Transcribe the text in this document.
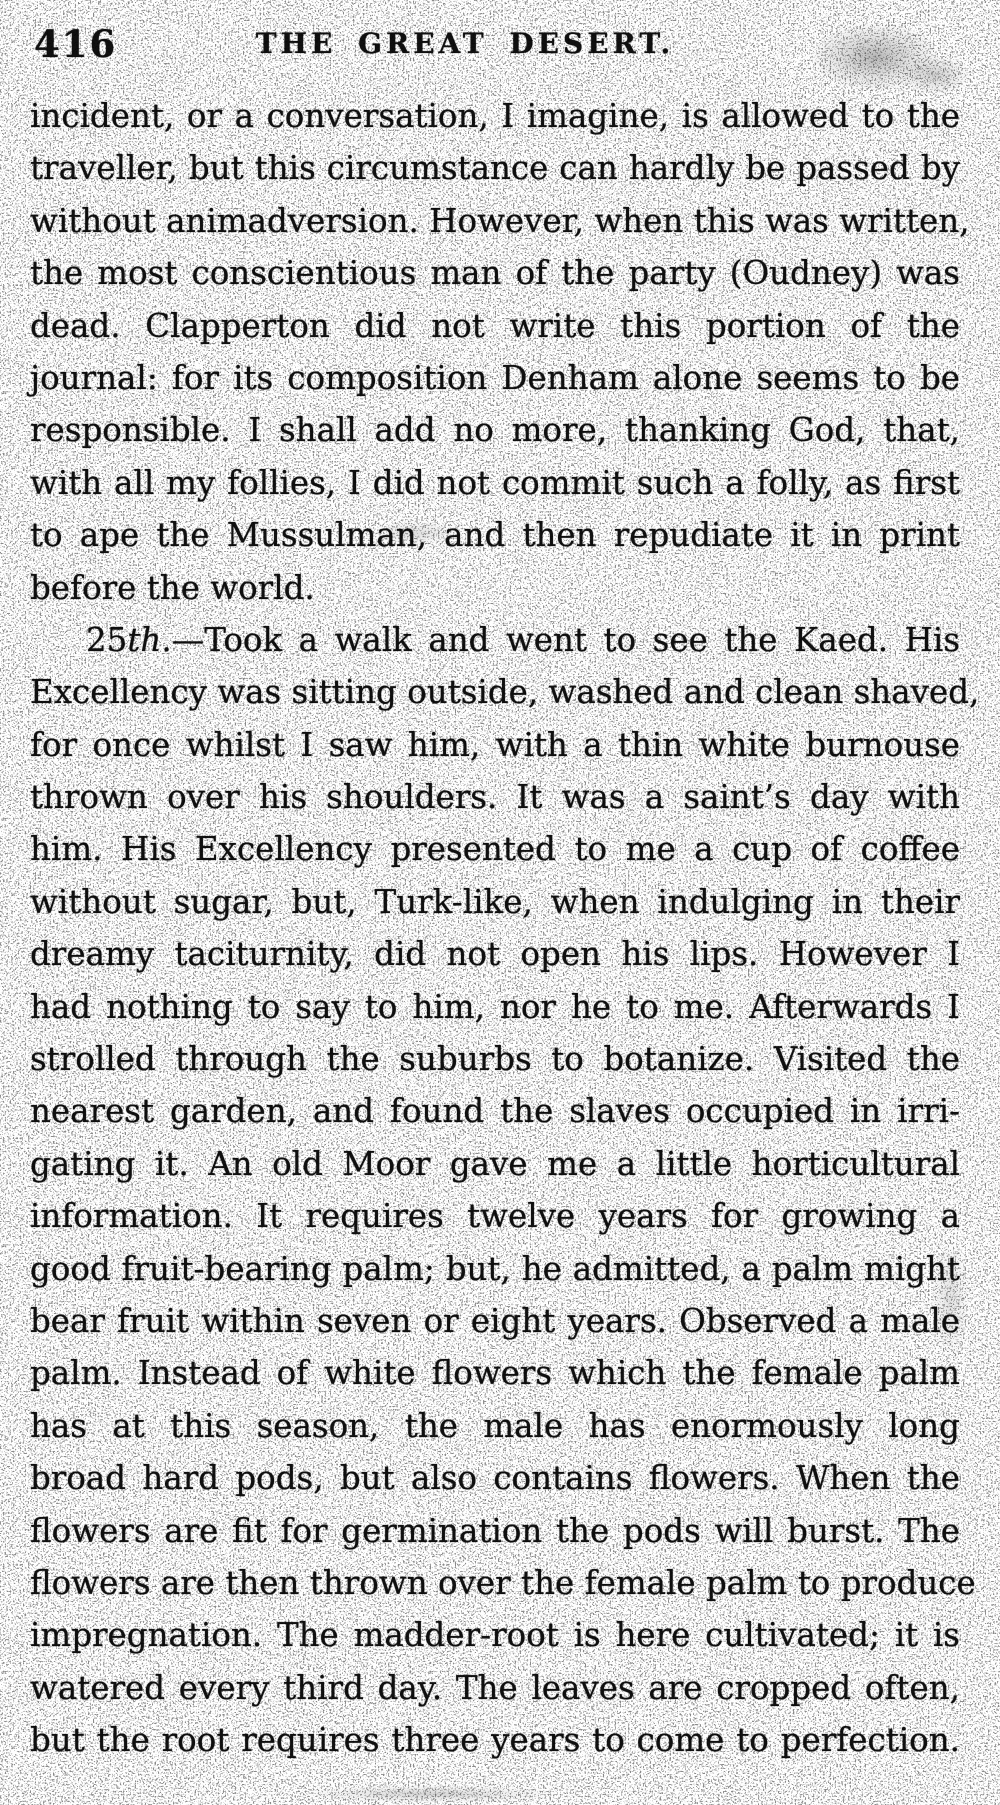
416	THE GREAT DESERT.
incident, or a conversation, I imagine, is allowed to the
traveller, but this circumstance can hardly be passed by
without animadversion. However, when this was written,
the most conscientious man of the party (Oudney) was
dead. Clapperton did not write this portion of the
journal: for its composition Denham alone seems to be
responsible. I shall add no more, thanking God, that,
with all my follies, I did not commit such a folly, as first
to ape the Mussulman, and then repudiate it in print
before the world.
25th.—Took a walk and went to see the Kaed. His
Excellency was sitting outside, washed and clean shaved,
for once whilst I saw him, with a thin white burnouse
thrown over his shoulders. It was a saint’s day with
him. His Excellency presented to me a cup of coffee
without sugar, but, Turk-like, when indulging in their
dreamy taciturnity, did not open his lips. However I
had nothing to say to him, nor he to me. Afterwards I
strolled through the suburbs to botanize. Visited the
nearest garden, and found the slaves occupied in irri-
gating it. An old Moor gave me a little horticultural
information. It requires twelve years for growing a
good fruit-bearing palm; but, he admitted, a palm might
bear fruit within seven or eight years. Observed a male
palm. Instead of white flowers which the female palm
has at this season, the male has enormously long
broad hard pods, but also contains flowers. When the
flowers are fit for germination the pods will burst. The
flowers are then thrown over the female palm to produce
impregnation. The madder-root is here cultivated; it is
watered every third day. The leaves are cropped often,
but the root requires three years to come to perfection.
